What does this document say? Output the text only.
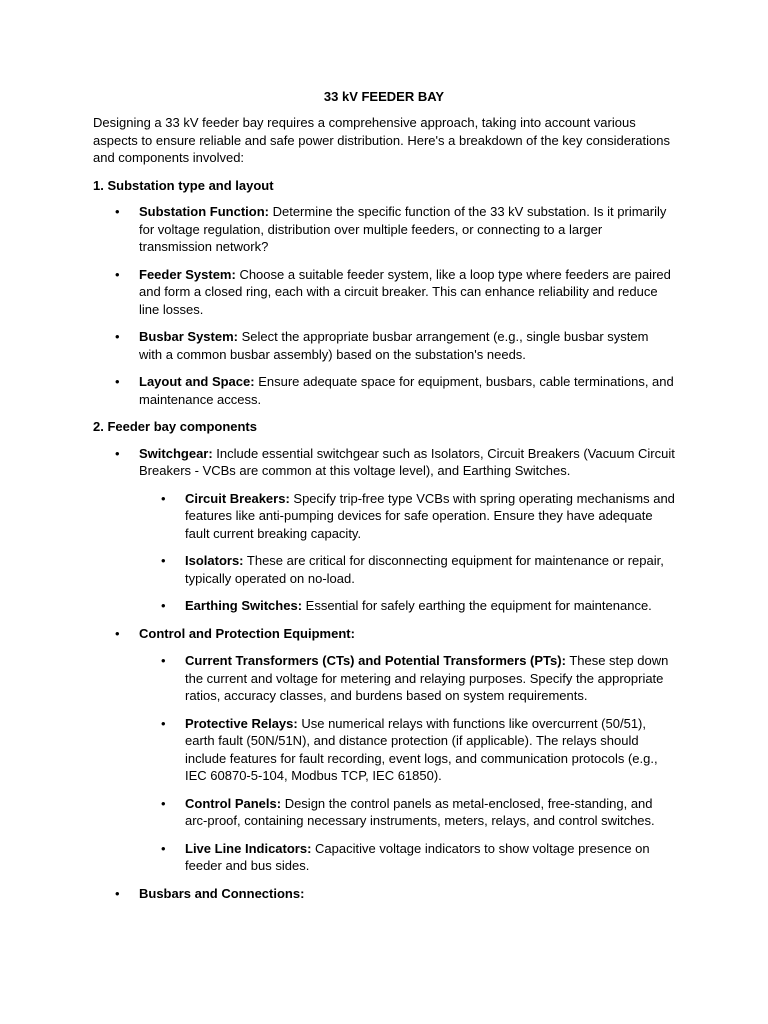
33 kV FEEDER BAY

Designing a 33 kV feeder bay requires a comprehensive approach, taking into account various aspects to ensure reliable and safe power distribution. Here's a breakdown of the key considerations and components involved:

1. Substation type and layout
• Substation Function: Determine the specific function of the 33 kV substation. Is it primarily for voltage regulation, distribution over multiple feeders, or connecting to a larger transmission network?
• Feeder System: Choose a suitable feeder system, like a loop type where feeders are paired and form a closed ring, each with a circuit breaker. This can enhance reliability and reduce line losses.
• Busbar System: Select the appropriate busbar arrangement (e.g., single busbar system with a common busbar assembly) based on the substation's needs.
• Layout and Space: Ensure adequate space for equipment, busbars, cable terminations, and maintenance access.
2. Feeder bay components
• Switchgear: Include essential switchgear such as Isolators, Circuit Breakers (Vacuum Circuit Breakers - VCBs are common at this voltage level), and Earthing Switches.
• Circuit Breakers: Specify trip-free type VCBs with spring operating mechanisms and features like anti-pumping devices for safe operation. Ensure they have adequate fault current breaking capacity.
• Isolators: These are critical for disconnecting equipment for maintenance or repair, typically operated on no-load.
• Earthing Switches: Essential for safely earthing the equipment for maintenance.
• Control and Protection Equipment:
• Current Transformers (CTs) and Potential Transformers (PTs): These step down the current and voltage for metering and relaying purposes. Specify the appropriate ratios, accuracy classes, and burdens based on system requirements.
• Protective Relays: Use numerical relays with functions like overcurrent (50/51), earth fault (50N/51N), and distance protection (if applicable). The relays should include features for fault recording, event logs, and communication protocols (e.g., IEC 60870-5-104, Modbus TCP, IEC 61850).
• Control Panels: Design the control panels as metal-enclosed, free-standing, and arc-proof, containing necessary instruments, meters, relays, and control switches.
• Live Line Indicators: Capacitive voltage indicators to show voltage presence on feeder and bus sides.
• Busbars and Connections:
